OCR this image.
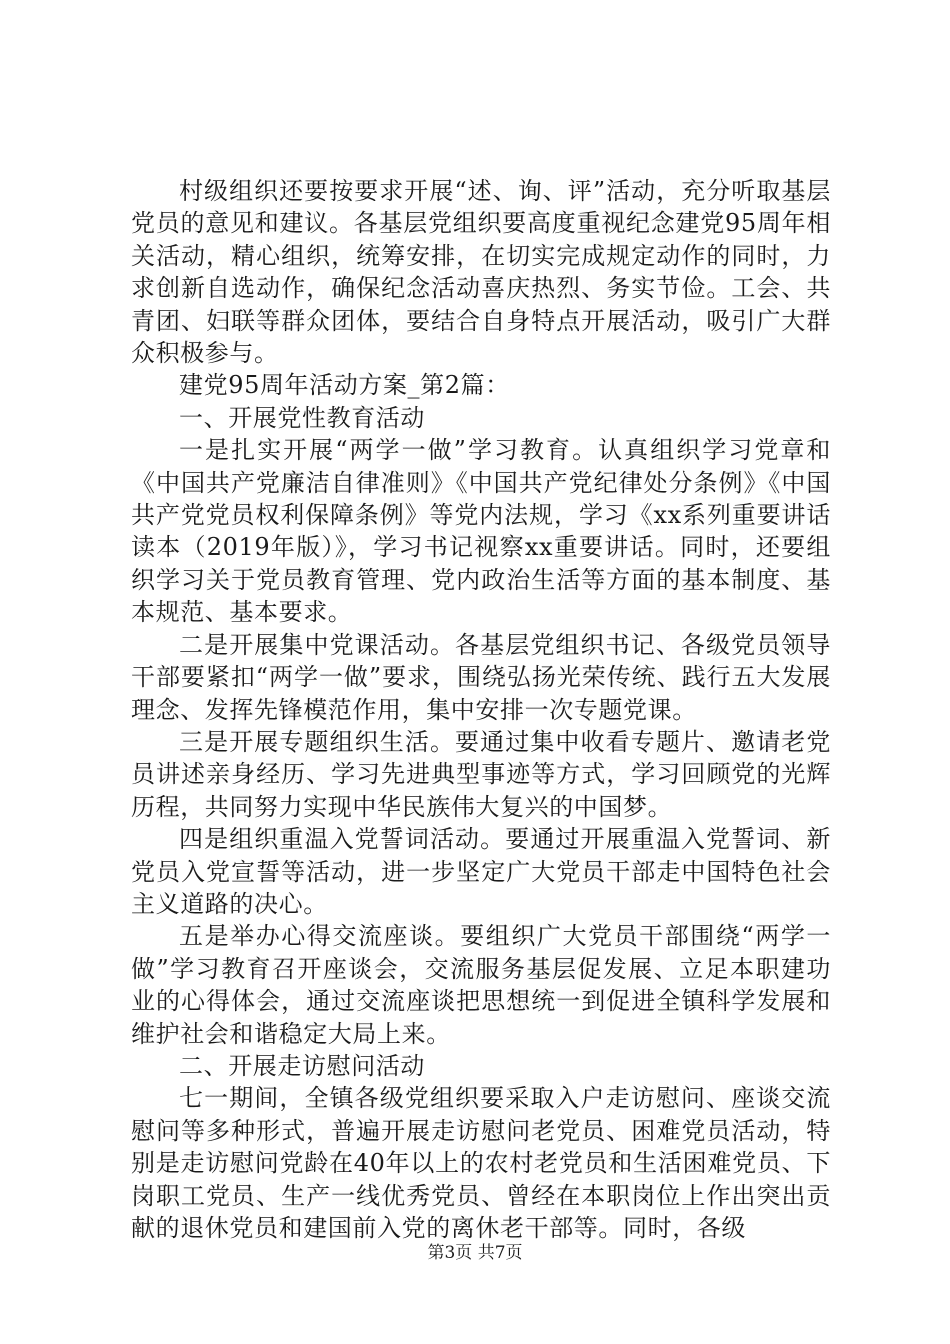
村级组织还要按要求开展“述、询、评”活动，充分听取基层党员的意见和建议。各基层党组织要高度重视纪念建党95周年相关活动，精心组织，统筹安排，在切实完成规定动作的同时，力求创新自选动作，确保纪念活动喜庆热烈、务实节俭。工会、共青团、妇联等群众团体，要结合自身特点开展活动，吸引广大群众积极参与。

建党95周年活动方案_第2篇：

一、开展党性教育活动

一是扎实开展“两学一做”学习教育。认真组织学习党章和《中国共产党廉洁自律准则》《中国共产党纪律处分条例》《中国共产党党员权利保障条例》等党内法规，学习《xx系列重要讲话读本（2019年版）》，学习书记视察xx重要讲话。同时，还要组织学习关于党员教育管理、党内政治生活等方面的基本制度、基本规范、基本要求。

二是开展集中党课活动。各基层党组织书记、各级党员领导干部要紧扣“两学一做”要求，围绕弘扬光荣传统、践行五大发展理念、发挥先锋模范作用，集中安排一次专题党课。

三是开展专题组织生活。要通过集中收看专题片、邀请老党员讲述亲身经历、学习先进典型事迹等方式，学习回顾党的光辉历程，共同努力实现中华民族伟大复兴的中国梦。

四是组织重温入党誓词活动。要通过开展重温入党誓词、新党员入党宣誓等活动，进一步坚定广大党员干部走中国特色社会主义道路的决心。

五是举办心得交流座谈。要组织广大党员干部围绕“两学一做”学习教育召开座谈会，交流服务基层促发展、立足本职建功业的心得体会，通过交流座谈把思想统一到促进全镇科学发展和维护社会和谐稳定大局上来。

二、开展走访慰问活动

七一期间，全镇各级党组织要采取入户走访慰问、座谈交流慰问等多种形式，普遍开展走访慰问老党员、困难党员活动，特别是走访慰问党龄在40年以上的农村老党员和生活困难党员、下岗职工党员、生产一线优秀党员、曾经在本职岗位上作出突出贡献的退休党员和建国前入党的离休老干部等。同时，各级

第3页 共7页
